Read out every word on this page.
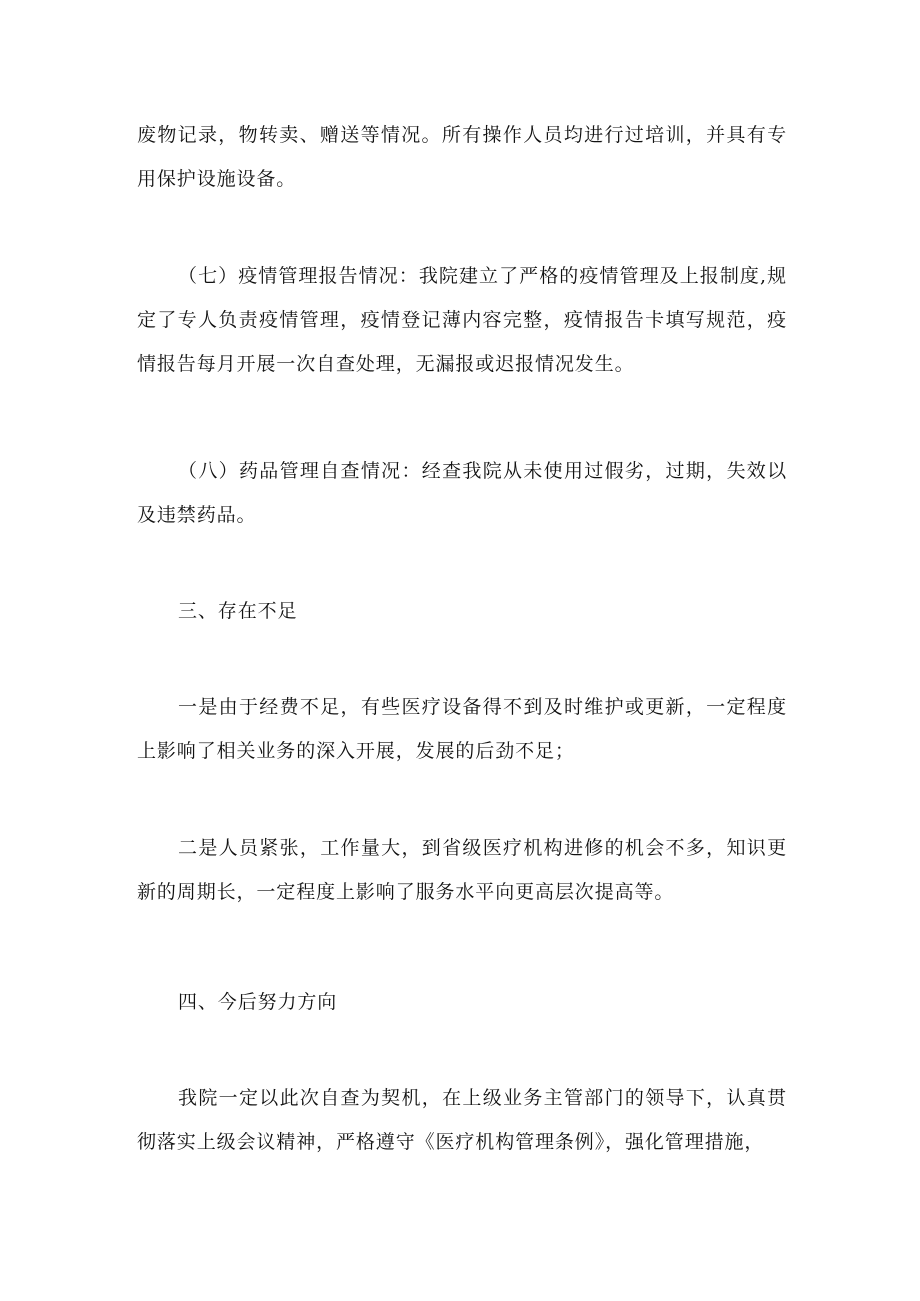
废物记录，物转卖、赠送等情况。所有操作人员均进行过培训，并具有专用保护设施设备。

（七）疫情管理报告情况：我院建立了严格的疫情管理及上报制度,规定了专人负责疫情管理，疫情登记薄内容完整，疫情报告卡填写规范，疫情报告每月开展一次自查处理，无漏报或迟报情况发生。

（八）药品管理自查情况：经查我院从未使用过假劣，过期，失效以及违禁药品。

三、存在不足

一是由于经费不足，有些医疗设备得不到及时维护或更新，一定程度上影响了相关业务的深入开展，发展的后劲不足；

二是人员紧张，工作量大，到省级医疗机构进修的机会不多，知识更新的周期长，一定程度上影响了服务水平向更高层次提高等。

四、今后努力方向

我院一定以此次自查为契机，在上级业务主管部门的领导下，认真贯彻落实上级会议精神，严格遵守《医疗机构管理条例》，强化管理措施，
